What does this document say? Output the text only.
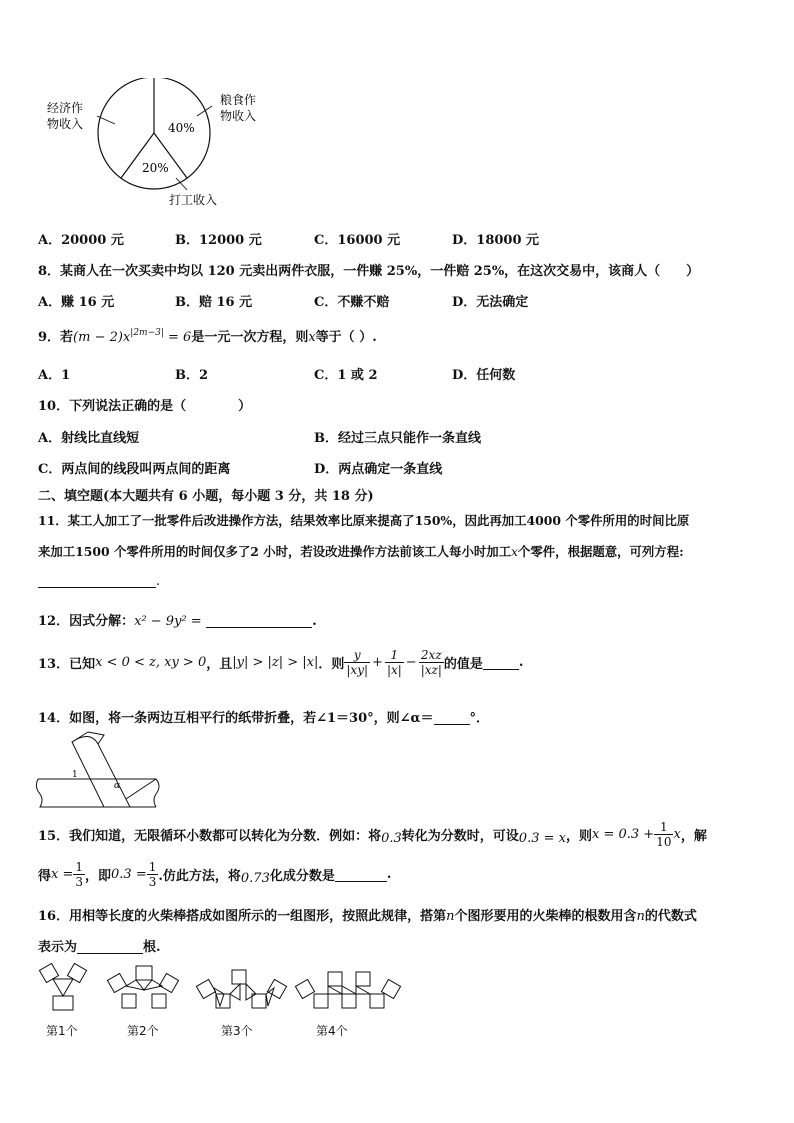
40%
20%
经济作
物收入
粮食作
物收入
打工收入
A．20000 元	B．12000 元	C．16000 元	D．18000 元
8．某商人在一次买卖中均以 120 元卖出两件衣服，一件赚 25%，一件赔 25%，在这次交易中，该商人（　　）
A．赚 16 元	B．赔 16 元	C．不赚不赔	D．无法确定
9．若$(m - 2)x^{|2m-3|} = 6$是一元一次方程，则x等于（ ）.
A．1	B．2	C．1 或 2	D．任何数
10．下列说法正确的是（　　　　）
A．射线比直线短	B．经过三点只能作一条直线
C．两点间的线段叫两点间的距离	D．两点确定一条直线
二、填空题(本大题共有 6 小题，每小题 3 分，共 18 分)
11．某工人加工了一批零件后改进操作方法，结果效率比原来提高了150%，因此再加工4000 个零件所用的时间比原
来加工1500 个零件所用的时间仅多了2 小时，若设改进操作方法前该工人每小时加工x个零件，根据题意，可列方程:
.
12．因式分解：x² − 9y² =	.
13．已知 x < 0 < z, xy > 0 ，且 |y| > |z| > |x| ．则 $\frac{y}{|xy|} + \frac{1}{|x|} - \frac{2xz}{|xz|}$ 的值是	.
14．如图，将一条两边互相平行的纸带折叠，若∠1＝30°，则∠α＝	°．
1
α
15．我们知道，无限循环小数都可以转化为分数．例如：将 0.3 转化为分数时，可设 0.3 = x ，则 $x = 0.3 + \frac{1}{10}$ x ，解
得 $x = \frac{1}{3}$ ，即 $0.3 = \frac{1}{3}$ .仿此方法，将 0.73 化成分数是	.
16．用相等长度的火柴棒搭成如图所示的一组图形，按照此规律，搭第n个图形要用的火柴棒的根数用含n的代数式
表示为	根.
第1个	第2个	第3个	第4个
